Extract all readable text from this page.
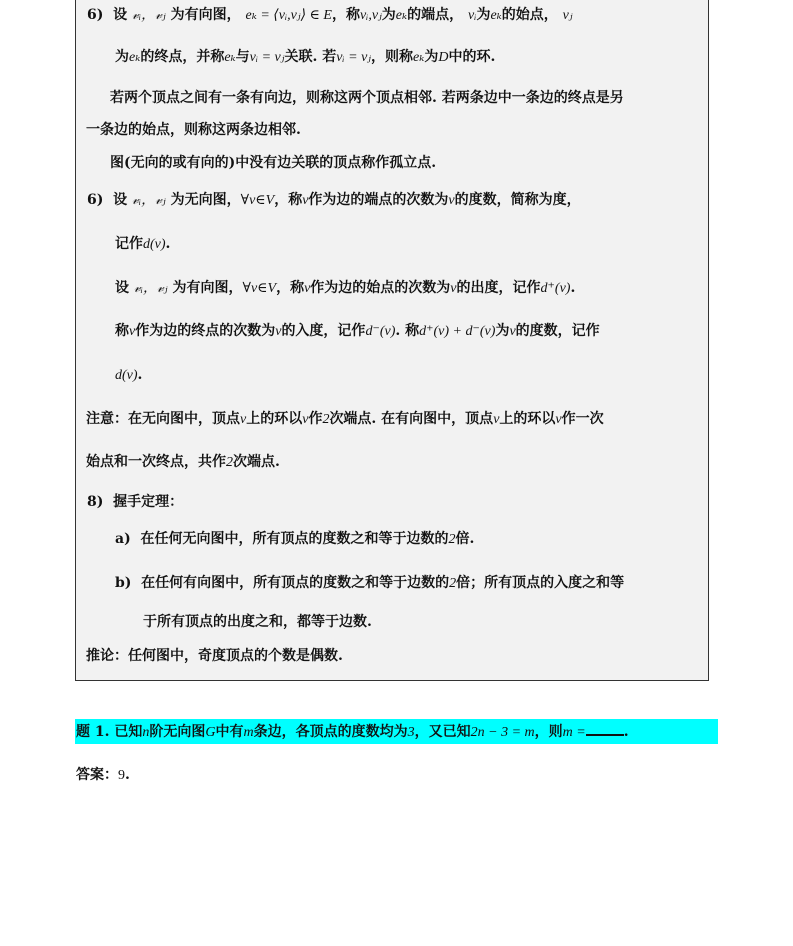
6) 设 𝓋ᵢ，𝓋ⱼ 为有向图， eₖ = ⟨vᵢ,vⱼ⟩ ∈ E，称vᵢ,vⱼ为eₖ的端点， vᵢ为eₖ的始点， vⱼ
为eₖ的终点，并称eₖ与vᵢ = vⱼ关联. 若vᵢ = vⱼ，则称eₖ为D中的环.
若两个顶点之间有一条有向边，则称这两个顶点相邻. 若两条边中一条边的终点是另
一条边的始点，则称这两条边相邻.
图(无向的或有向的)中没有边关联的顶点称作孤立点.
6) 设 𝓋ᵢ，𝓋ⱼ 为无向图，∀v∈V，称v作为边的端点的次数为v的度数，简称为度，
记作d(v).
设 𝓋ᵢ，𝓋ⱼ 为有向图，∀v∈V，称v作为边的始点的次数为v的出度，记作d⁺(v).
称v作为边的终点的次数为v的入度，记作d⁻(v). 称d⁺(v) + d⁻(v)为v的度数，记作
d(v).
注意：在无向图中，顶点v上的环以v作2次端点. 在有向图中，顶点v上的环以v作一次
始点和一次终点，共作2次端点.
8) 握手定理：
a) 在任何无向图中，所有顶点的度数之和等于边数的2倍.
b) 在任何有向图中，所有顶点的度数之和等于边数的2倍；所有顶点的入度之和等
于所有顶点的出度之和，都等于边数.
推论：任何图中，奇度顶点的个数是偶数.
题 1. 已知n阶无向图G中有m条边，各顶点的度数均为3，又已知2n − 3 = m，则m =	.
答案：9.
